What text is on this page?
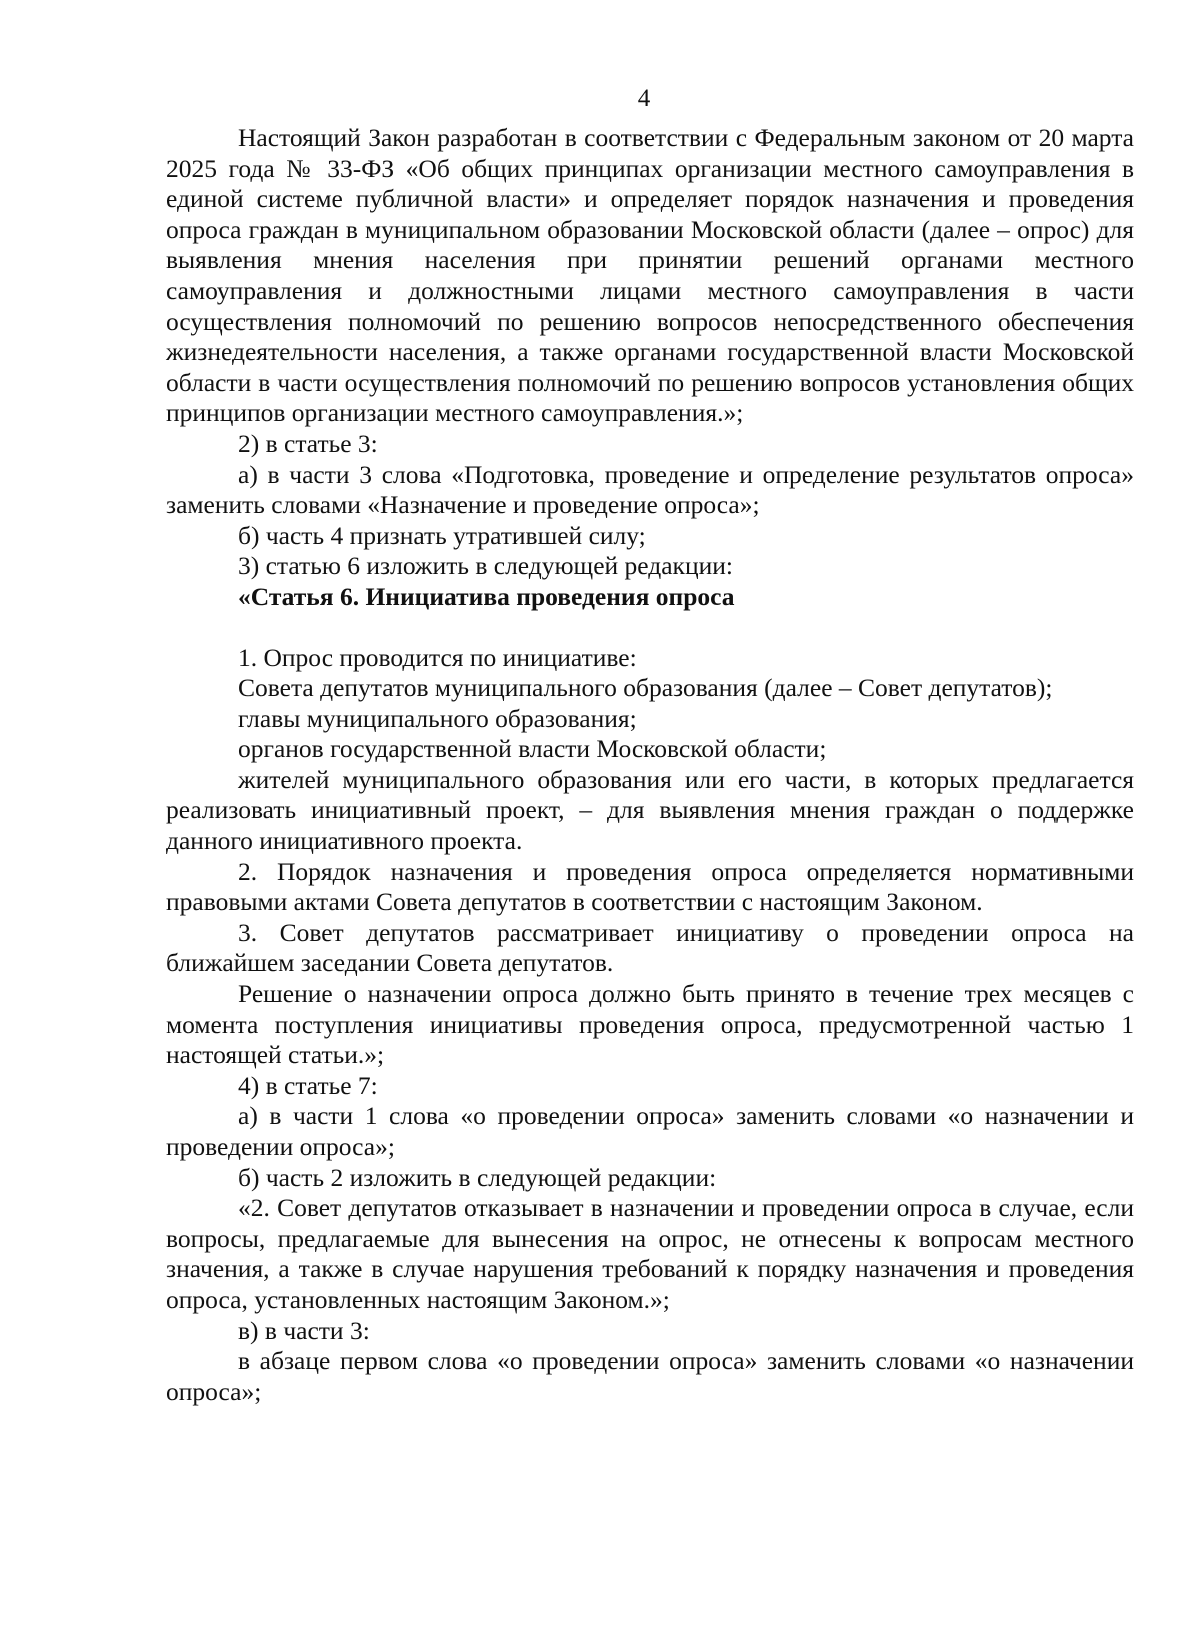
4

Настоящий Закон разработан в соответствии с Федеральным законом от 20 марта 2025 года № 33-ФЗ «Об общих принципах организации местного самоуправления в единой системе публичной власти» и определяет порядок назначения и проведения опроса граждан в муниципальном образовании Московской области (далее – опрос) для выявления мнения населения при принятии решений органами местного самоуправления и должностными лицами местного самоуправления в части осуществления полномочий по решению вопросов непосредственного обеспечения жизнедеятельности населения, а также органами государственной власти Московской области в части осуществления полномочий по решению вопросов установления общих принципов организации местного самоуправления.»;

2) в статье 3:

а) в части 3 слова «Подготовка, проведение и определение результатов опроса» заменить словами «Назначение и проведение опроса»;

б) часть 4 признать утратившей силу;

3) статью 6 изложить в следующей редакции:

«Статья 6. Инициатива проведения опроса

1. Опрос проводится по инициативе:

Совета депутатов муниципального образования (далее – Совет депутатов);

главы муниципального образования;

органов государственной власти Московской области;

жителей муниципального образования или его части, в которых предлагается реализовать инициативный проект, – для выявления мнения граждан о поддержке данного инициативного проекта.

2. Порядок назначения и проведения опроса определяется нормативными правовыми актами Совета депутатов в соответствии с настоящим Законом.

3. Совет депутатов рассматривает инициативу о проведении опроса на ближайшем заседании Совета депутатов.

Решение о назначении опроса должно быть принято в течение трех месяцев с момента поступления инициативы проведения опроса, предусмотренной частью 1 настоящей статьи.»;

4) в статье 7:

а) в части 1 слова «о проведении опроса» заменить словами «о назначении и проведении опроса»;

б) часть 2 изложить в следующей редакции:

«2. Совет депутатов отказывает в назначении и проведении опроса в случае, если вопросы, предлагаемые для вынесения на опрос, не отнесены к вопросам местного значения, а также в случае нарушения требований к порядку назначения и проведения опроса, установленных настоящим Законом.»;

в) в части 3:

в абзаце первом слова «о проведении опроса» заменить словами «о назначении опроса»;
